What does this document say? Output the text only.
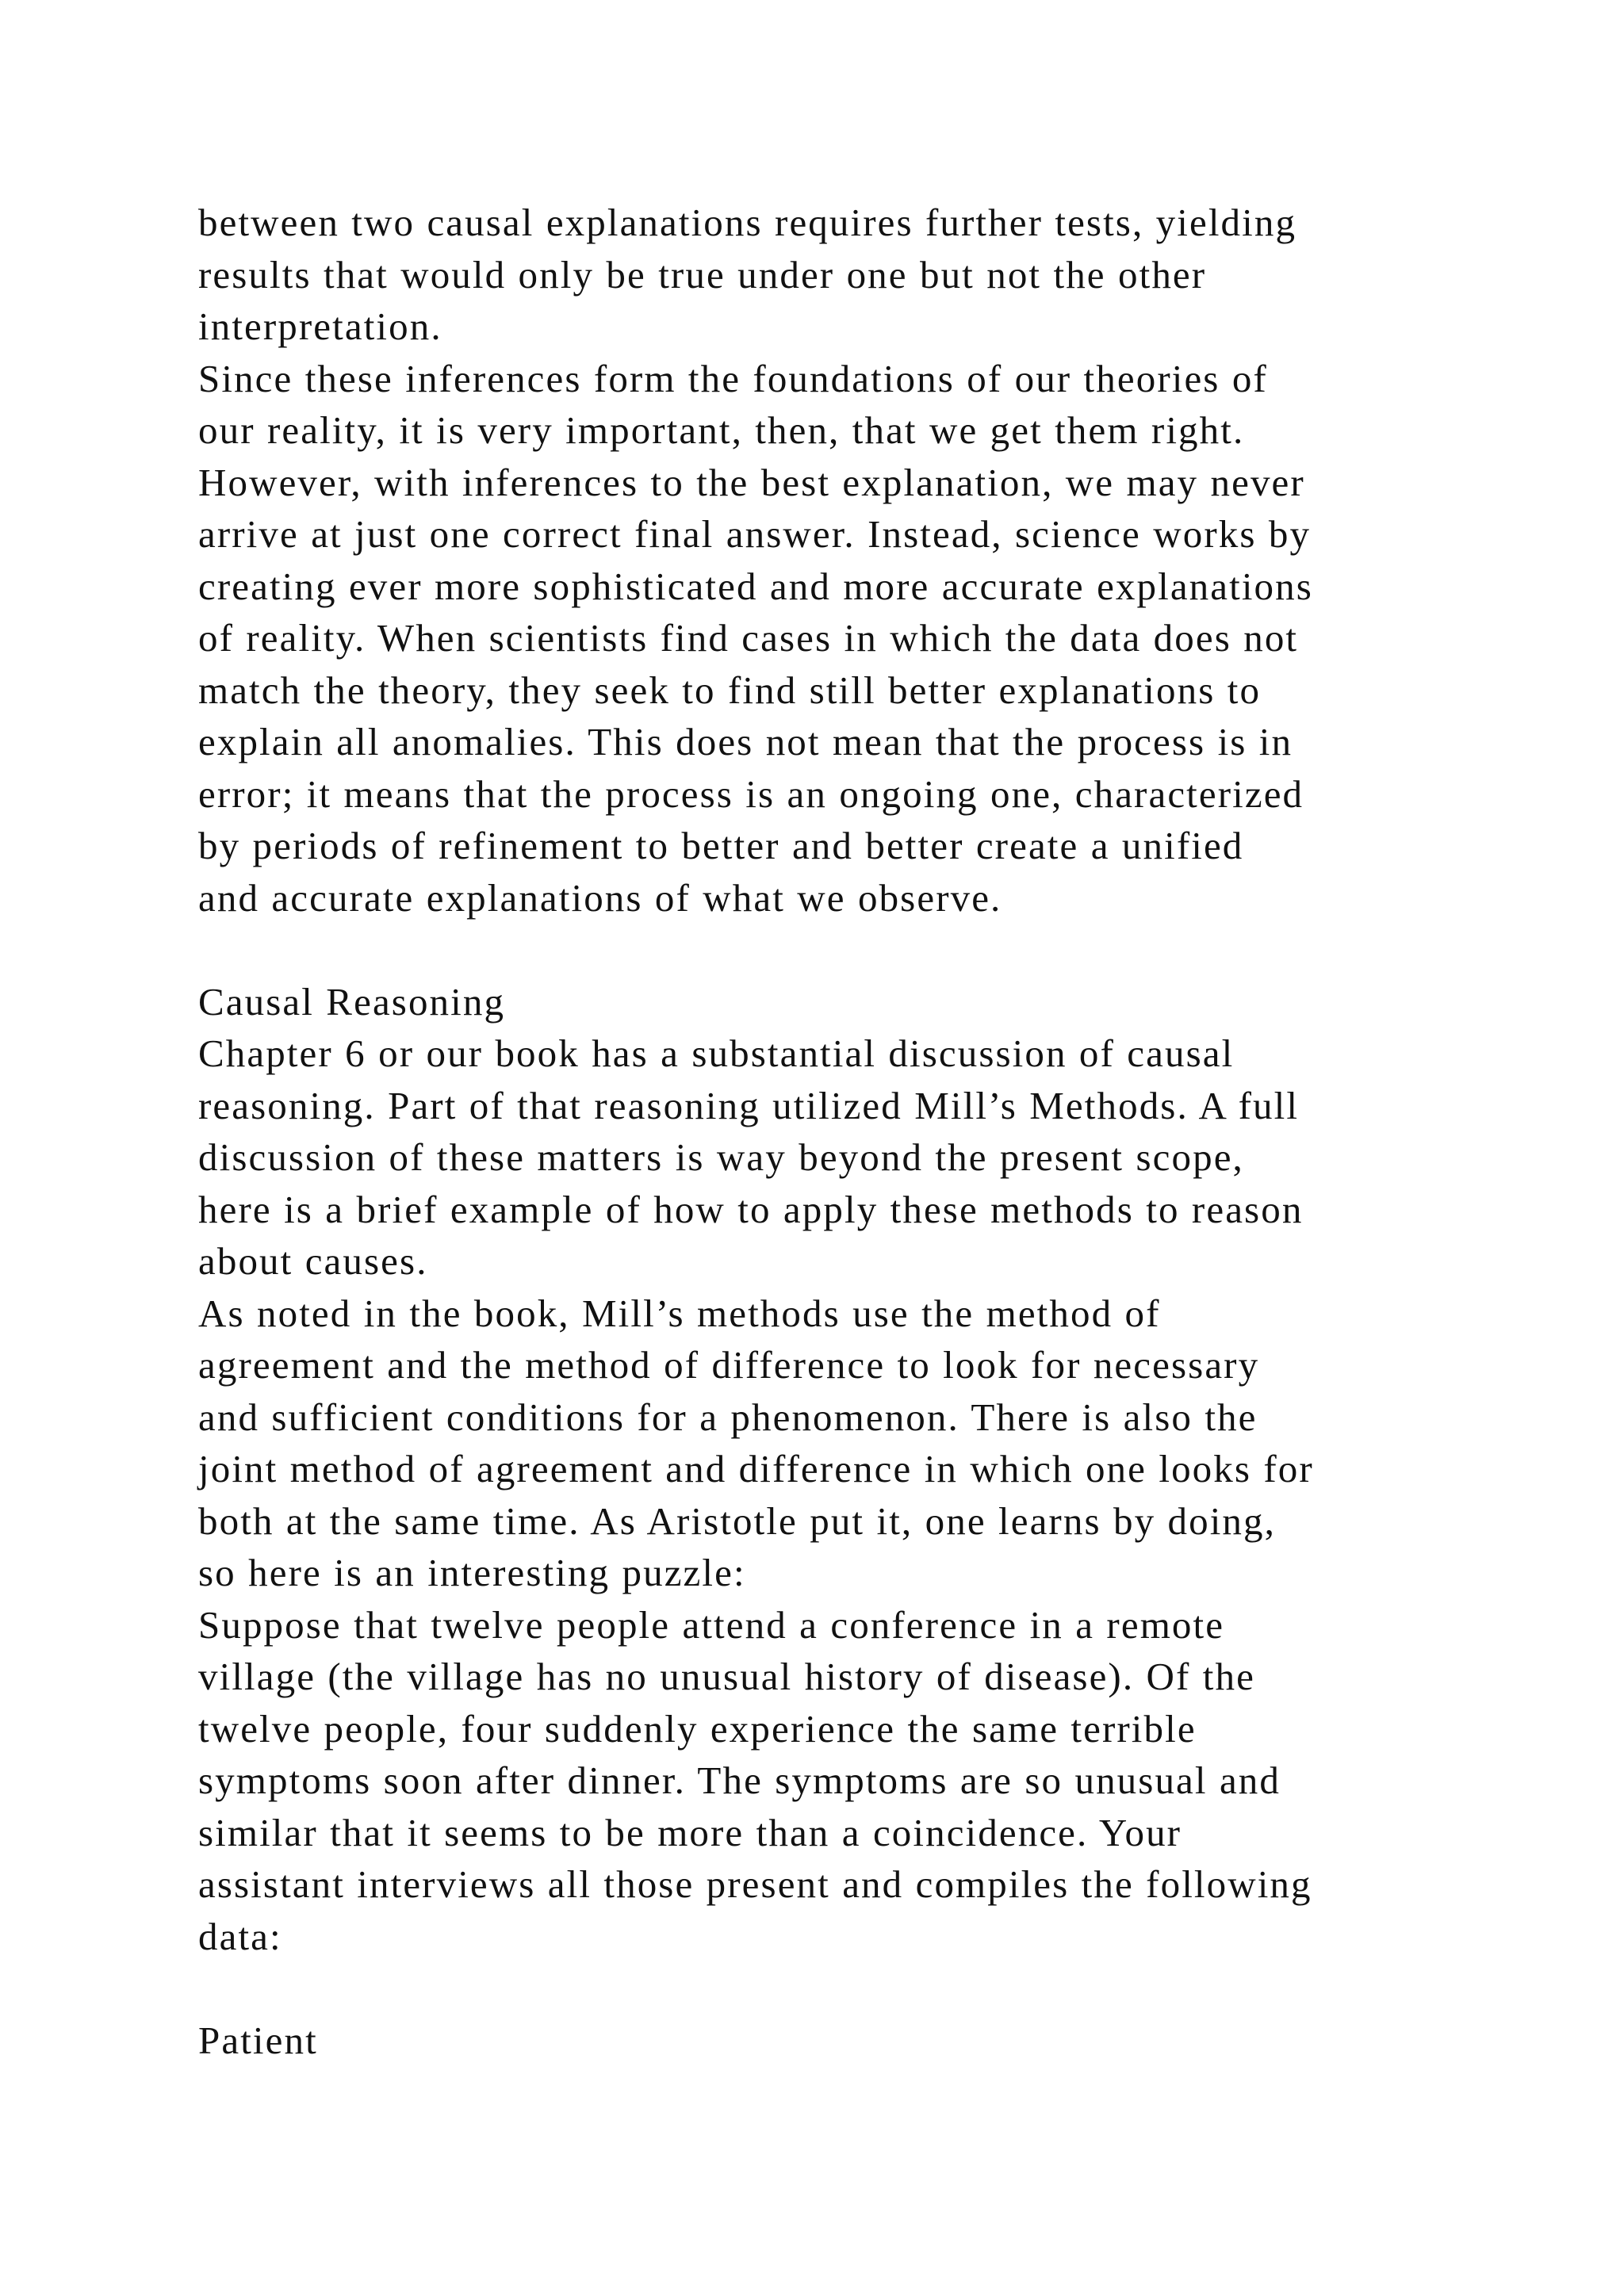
between two causal explanations requires further tests, yielding
results that would only be true under one but not the other
interpretation.
Since these inferences form the foundations of our theories of
our reality, it is very important, then, that we get them right.
However, with inferences to the best explanation, we may never
arrive at just one correct final answer. Instead, science works by
creating ever more sophisticated and more accurate explanations
of reality. When scientists find cases in which the data does not
match the theory, they seek to find still better explanations to
explain all anomalies. This does not mean that the process is in
error; it means that the process is an ongoing one, characterized
by periods of refinement to better and better create a unified
and accurate explanations of what we observe.
Causal Reasoning
Chapter 6 or our book has a substantial discussion of causal
reasoning. Part of that reasoning utilized Mill’s Methods. A full
discussion of these matters is way beyond the present scope,
here is a brief example of how to apply these methods to reason
about causes.
As noted in the book, Mill’s methods use the method of
agreement and the method of difference to look for necessary
and sufficient conditions for a phenomenon. There is also the
joint method of agreement and difference in which one looks for
both at the same time. As Aristotle put it, one learns by doing,
so here is an interesting puzzle:
Suppose that twelve people attend a conference in a remote
village (the village has no unusual history of disease). Of the
twelve people, four suddenly experience the same terrible
symptoms soon after dinner. The symptoms are so unusual and
similar that it seems to be more than a coincidence. Your
assistant interviews all those present and compiles the following
data:
Patient
